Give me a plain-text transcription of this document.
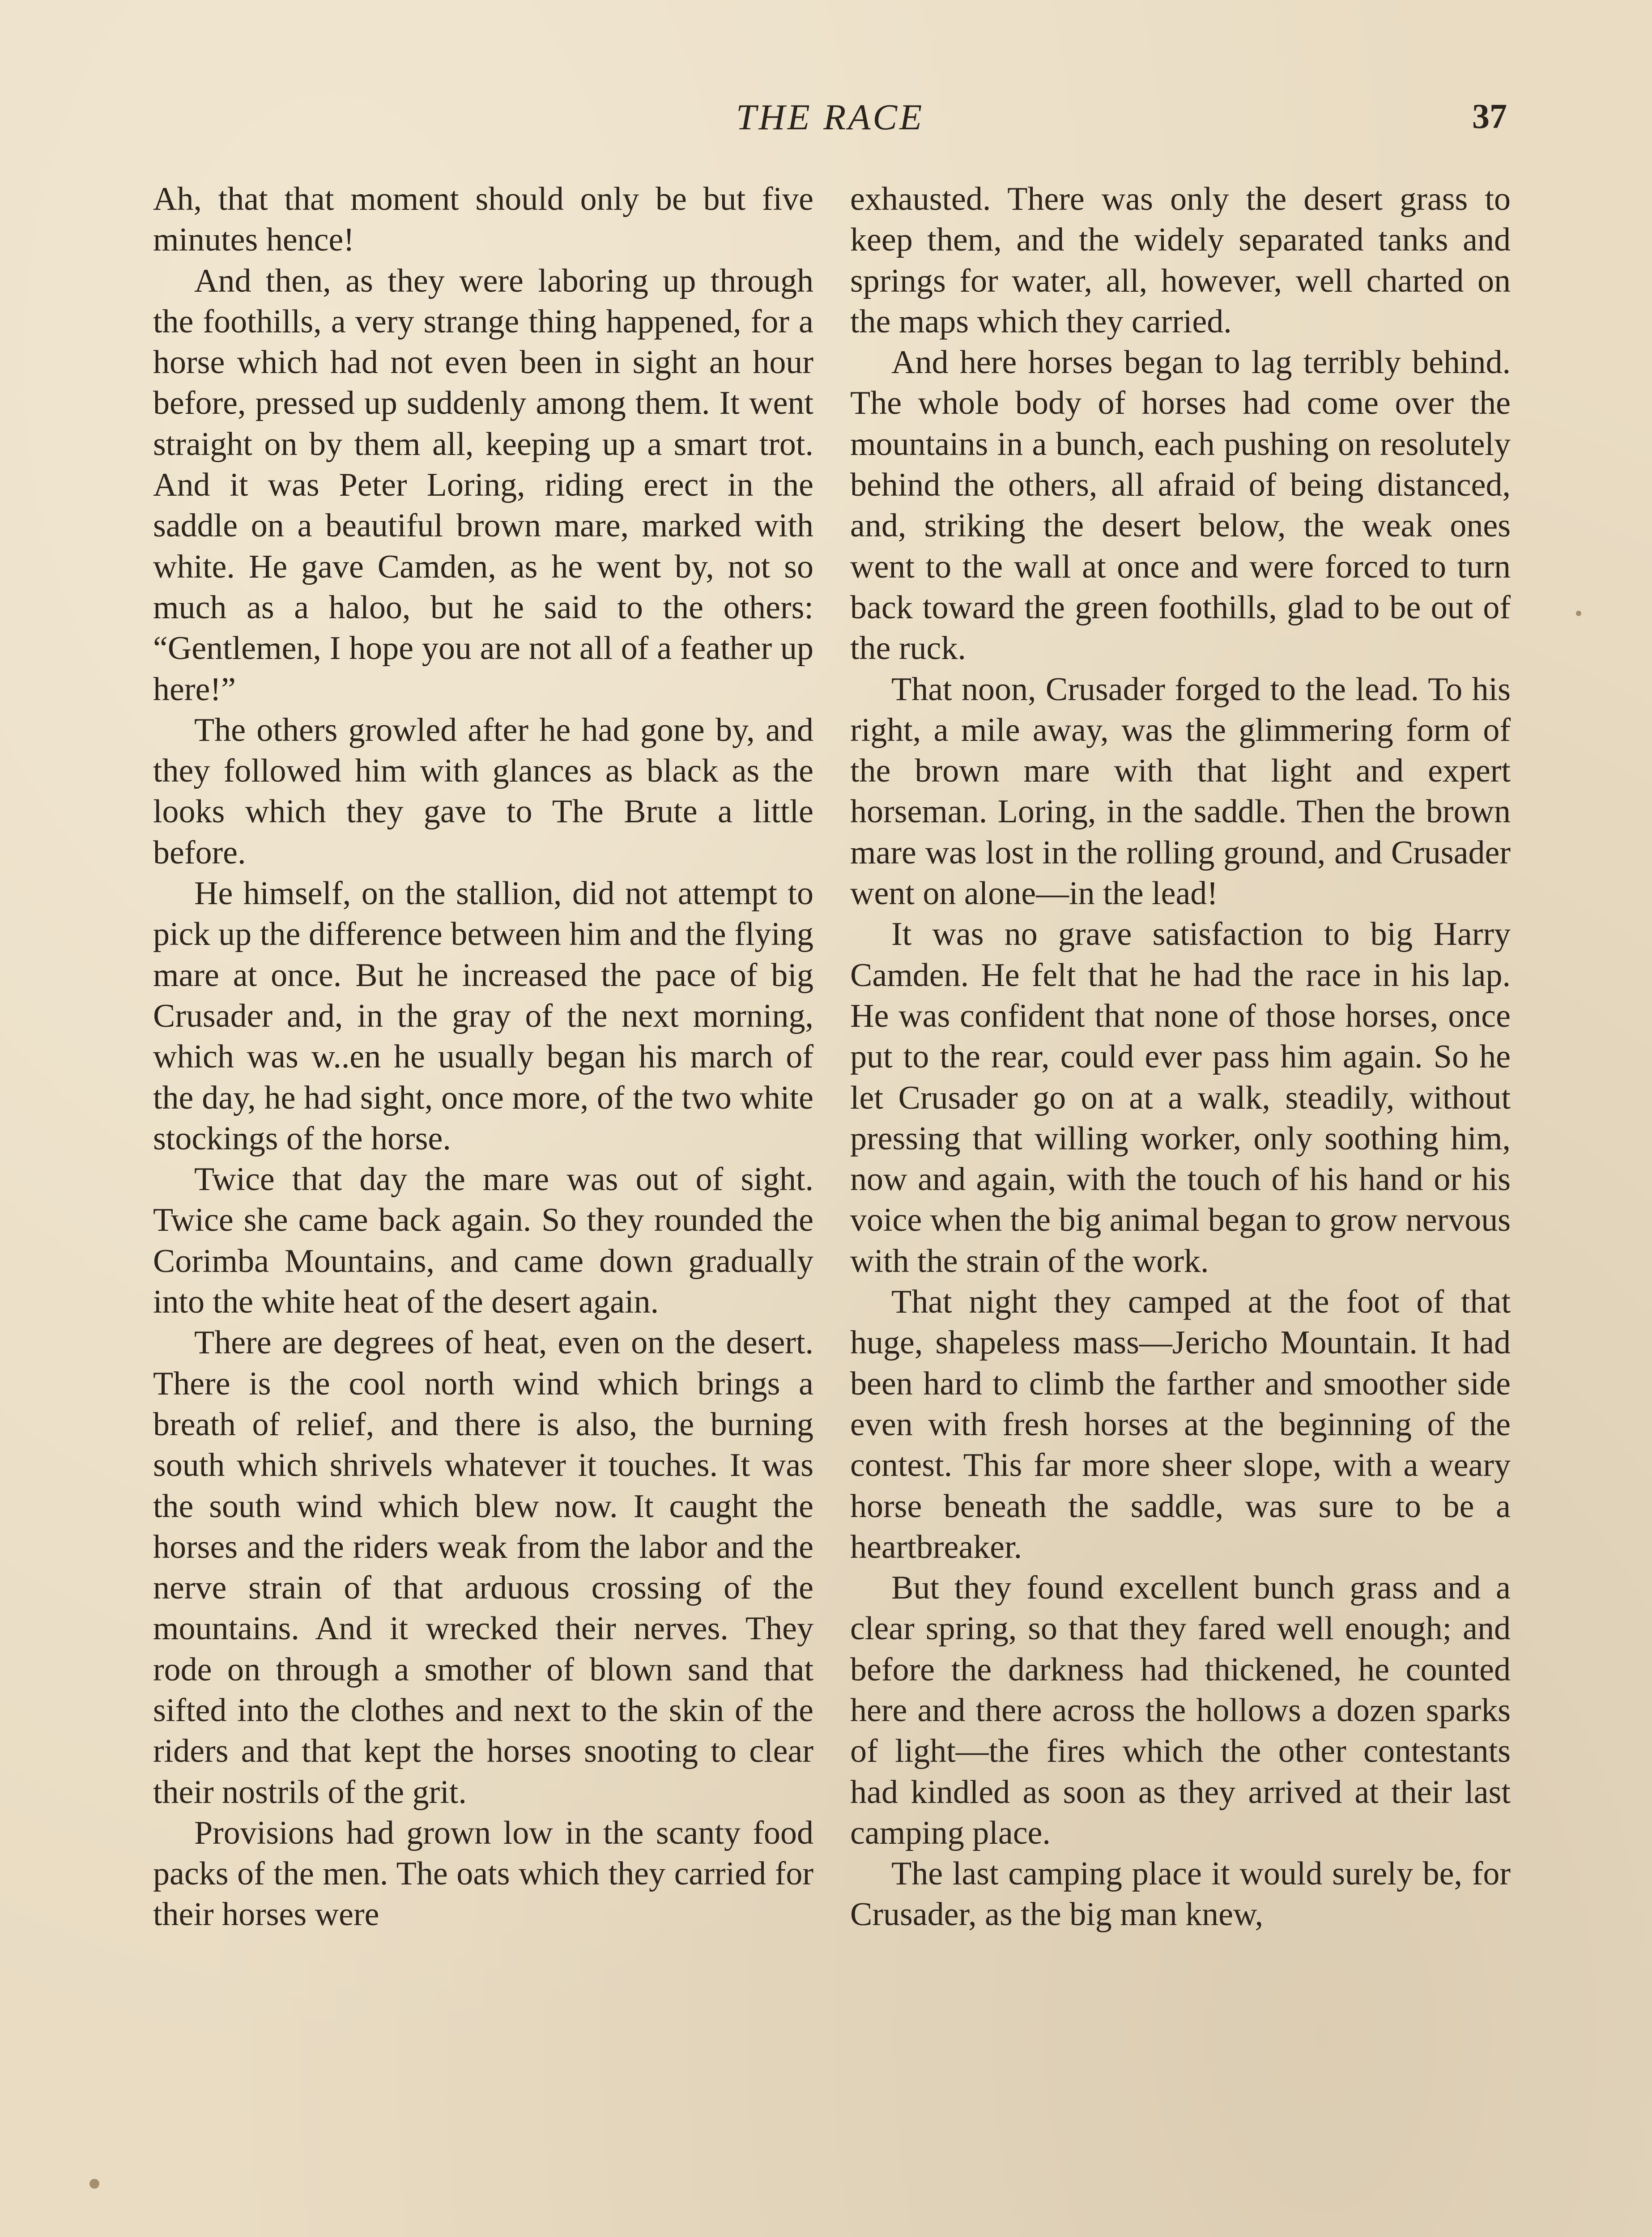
THE RACE	37

Ah, that that moment should only be but five minutes hence!

And then, as they were laboring up through the foothills, a very strange thing happened, for a horse which had not even been in sight an hour before, pressed up suddenly among them. It went straight on by them all, keeping up a smart trot. And it was Peter Loring, riding erect in the saddle on a beautiful brown mare, marked with white. He gave Camden, as he went by, not so much as a haloo, but he said to the others: “Gentlemen, I hope you are not all of a feather up here!”

The others growled after he had gone by, and they followed him with glances as black as the looks which they gave to The Brute a little before.

He himself, on the stallion, did not attempt to pick up the difference between him and the flying mare at once. But he increased the pace of big Crusader and, in the gray of the next morning, which was w..en he usually began his march of the day, he had sight, once more, of the two white stockings of the horse.

Twice that day the mare was out of sight. Twice she came back again. So they rounded the Corimba Mountains, and came down gradually into the white heat of the desert again.

There are degrees of heat, even on the desert. There is the cool north wind which brings a breath of relief, and there is also, the burning south which shrivels whatever it touches. It was the south wind which blew now. It caught the horses and the riders weak from the labor and the nerve strain of that arduous crossing of the mountains. And it wrecked their nerves. They rode on through a smother of blown sand that sifted into the clothes and next to the skin of the riders and that kept the horses snooting to clear their nostrils of the grit.

Provisions had grown low in the scanty food packs of the men. The oats which they carried for their horses were

exhausted. There was only the desert grass to keep them, and the widely separated tanks and springs for water, all, however, well charted on the maps which they carried.

And here horses began to lag terribly behind. The whole body of horses had come over the mountains in a bunch, each pushing on resolutely behind the others, all afraid of being distanced, and, striking the desert below, the weak ones went to the wall at once and were forced to turn back toward the green foothills, glad to be out of the ruck.

That noon, Crusader forged to the lead. To his right, a mile away, was the glimmering form of the brown mare with that light and expert horseman. Loring, in the saddle. Then the brown mare was lost in the rolling ground, and Crusader went on alone—in the lead!

It was no grave satisfaction to big Harry Camden. He felt that he had the race in his lap. He was confident that none of those horses, once put to the rear, could ever pass him again. So he let Crusader go on at a walk, steadily, without pressing that willing worker, only soothing him, now and again, with the touch of his hand or his voice when the big animal began to grow nervous with the strain of the work.

That night they camped at the foot of that huge, shapeless mass—Jericho Mountain. It had been hard to climb the farther and smoother side even with fresh horses at the beginning of the contest. This far more sheer slope, with a weary horse beneath the saddle, was sure to be a heartbreaker.

But they found excellent bunch grass and a clear spring, so that they fared well enough; and before the darkness had thickened, he counted here and there across the hollows a dozen sparks of light—the fires which the other contestants had kindled as soon as they arrived at their last camping place.

The last camping place it would surely be, for Crusader, as the big man knew,
